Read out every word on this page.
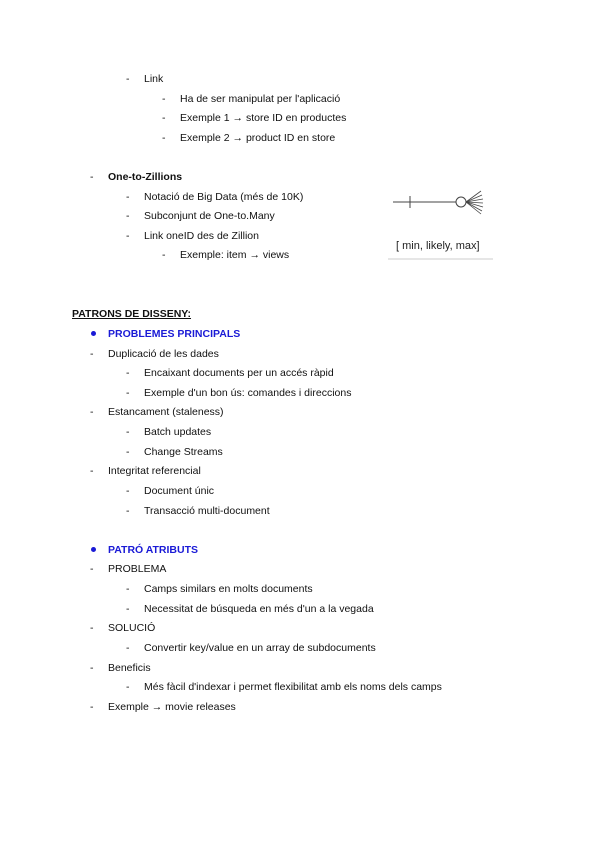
- Link
- Ha de ser manipulat per l'aplicació
- Exemple 1 → store ID en productes
- Exemple 2 → product ID en store
- One-to-Zillions
- Notació de Big Data (més de 10K)
- Subconjunt de One-to.Many
- Link oneID des de Zillion
- Exemple: item → views
[ min, likely, max]
PATRONS DE DISSENY:
PROBLEMES PRINCIPALS
- Duplicació de les dades
- Encaixant documents per un accés ràpid
- Exemple d'un bon ús: comandes i direccions
- Estancament (staleness)
- Batch updates
- Change Streams
- Integritat referencial
- Document únic
- Transacció multi-document
PATRÓ ATRIBUTS
- PROBLEMA
- Camps similars en molts documents
- Necessitat de búsqueda en més d'un a la vegada
- SOLUCIÓ
- Convertir key/value en un array de subdocuments
- Beneficis
- Més fàcil d'indexar i permet flexibilitat amb els noms dels camps
- Exemple → movie releases
